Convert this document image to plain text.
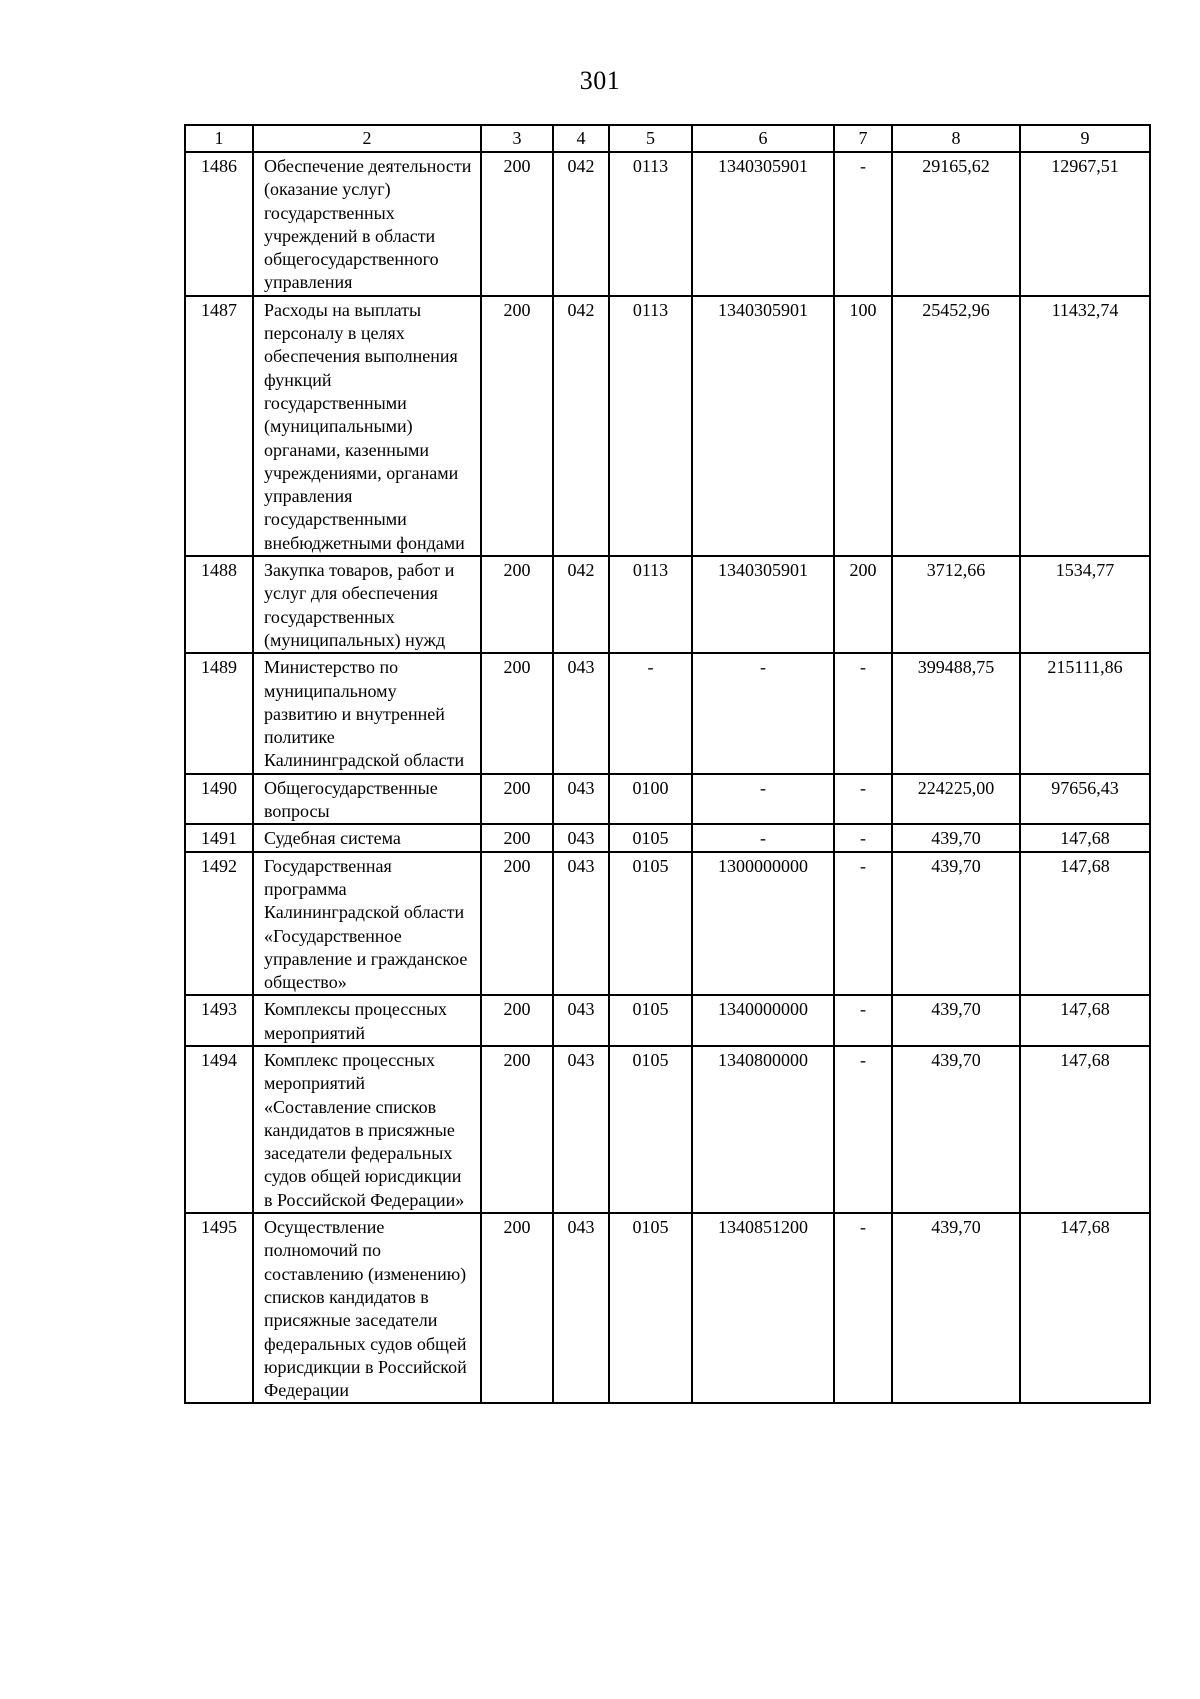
301
1	2	3	4	5	6	7	8	9
1486	Обеспечение деятельности (оказание услуг) государственных учреждений в области общегосударственного управления	200	042	0113	1340305901	-	29165,62	12967,51
1487	Расходы на выплаты персоналу в целях обеспечения выполнения функций государственными (муниципальными) органами, казенными учреждениями, органами управления государственными внебюджетными фондами	200	042	0113	1340305901	100	25452,96	11432,74
1488	Закупка товаров, работ и услуг для обеспечения государственных (муниципальных) нужд	200	042	0113	1340305901	200	3712,66	1534,77
1489	Министерство по муниципальному развитию и внутренней политике Калининградской области	200	043	-	-	-	399488,75	215111,86
1490	Общегосударственные вопросы	200	043	0100	-	-	224225,00	97656,43
1491	Судебная система	200	043	0105	-	-	439,70	147,68
1492	Государственная программа Калининградской области «Государственное управление и гражданское общество»	200	043	0105	1300000000	-	439,70	147,68
1493	Комплексы процессных мероприятий	200	043	0105	1340000000	-	439,70	147,68
1494	Комплекс процессных мероприятий «Составление списков кандидатов в присяжные заседатели федеральных судов общей юрисдикции в Российской Федерации»	200	043	0105	1340800000	-	439,70	147,68
1495	Осуществление полномочий по составлению (изменению) списков кандидатов в присяжные заседатели федеральных судов общей юрисдикции в Российской Федерации	200	043	0105	1340851200	-	439,70	147,68
